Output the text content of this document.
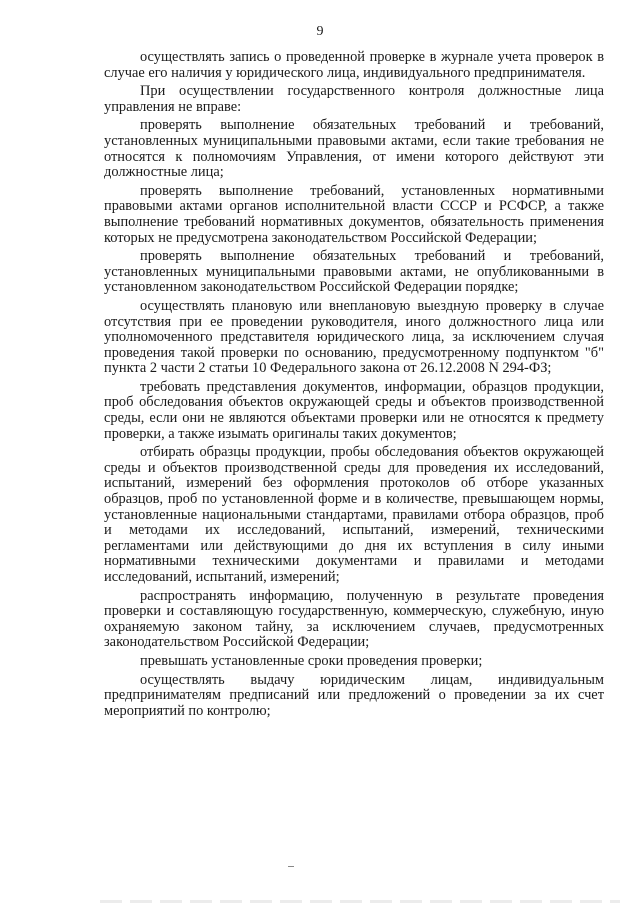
9

осуществлять запись о проведенной проверке в журнале учета проверок в случае его наличия у юридического лица, индивидуального предпринимателя.

При осуществлении государственного контроля должностные лица управления не вправе:

проверять выполнение обязательных требований и требований, установленных муниципальными правовыми актами, если такие требования не относятся к полномочиям Управления, от имени которого действуют эти должностные лица;

проверять выполнение требований, установленных нормативными правовыми актами органов исполнительной власти СССР и РСФСР, а также выполнение требований нормативных документов, обязательность применения которых не предусмотрена законодательством Российской Федерации;

проверять выполнение обязательных требований и требований, установленных муниципальными правовыми актами, не опубликованными в установленном законодательством Российской Федерации порядке;

осуществлять плановую или внеплановую выездную проверку в случае отсутствия при ее проведении руководителя, иного должностного лица или уполномоченного представителя юридического лица, за исключением случая проведения такой проверки по основанию, предусмотренному подпунктом "б" пункта 2 части 2 статьи 10 Федерального закона от 26.12.2008 N 294-ФЗ;

требовать представления документов, информации, образцов продукции, проб обследования объектов окружающей среды и объектов производственной среды, если они не являются объектами проверки или не относятся к предмету проверки, а также изымать оригиналы таких документов;

отбирать образцы продукции, пробы обследования объектов окружающей среды и объектов производственной среды для проведения их исследований, испытаний, измерений без оформления протоколов об отборе указанных образцов, проб по установленной форме и в количестве, превышающем нормы, установленные национальными стандартами, правилами отбора образцов, проб и методами их исследований, испытаний, измерений, техническими регламентами или действующими до дня их вступления в силу иными нормативными техническими документами и правилами и методами исследований, испытаний, измерений;

распространять информацию, полученную в результате проведения проверки и составляющую государственную, коммерческую, служебную, иную охраняемую законом тайну, за исключением случаев, предусмотренных законодательством Российской Федерации;

превышать установленные сроки проведения проверки;

осуществлять выдачу юридическим лицам, индивидуальным предпринимателям предписаний или предложений о проведении за их счет мероприятий по контролю;
